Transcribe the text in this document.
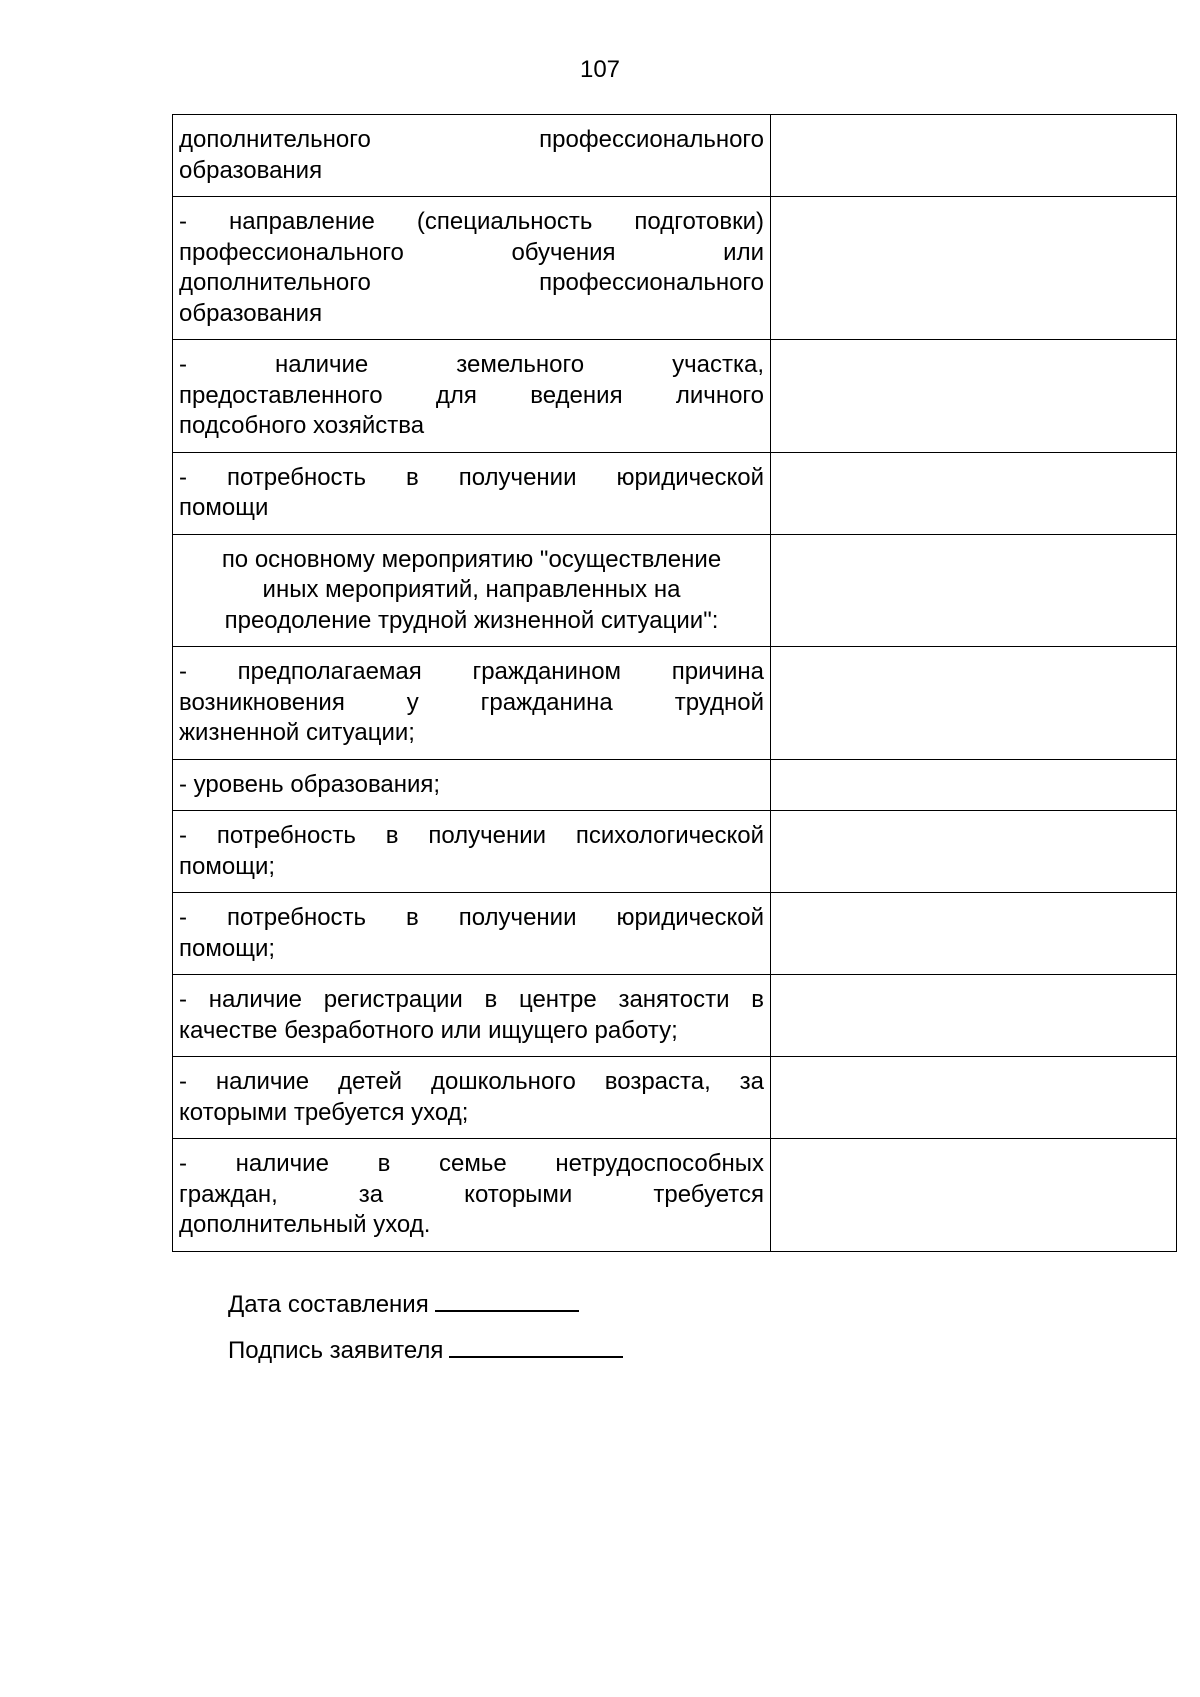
107
дополнительного профессионального
образования	

- направление (специальность подготовки)
профессионального обучения или
дополнительного профессионального
образования	

- наличие земельного участка,
предоставленного для ведения личного
подсобного хозяйства	

- потребность в получении юридической
помощи	

по основному мероприятию "осуществление
иных мероприятий, направленных на
преодоление трудной жизненной ситуации":	

- предполагаемая гражданином причина
возникновения у гражданина трудной
жизненной ситуации;	

- уровень образования;	

- потребность в получении психологической
помощи;	

- потребность в получении юридической
помощи;	

- наличие регистрации в центре занятости в
качестве безработного или ищущего работу;	

- наличие детей дошкольного возраста, за
которыми требуется уход;	

- наличие в семье нетрудоспособных
граждан, за которыми требуется
дополнительный уход.	

Дата составления
Подпись заявителя
